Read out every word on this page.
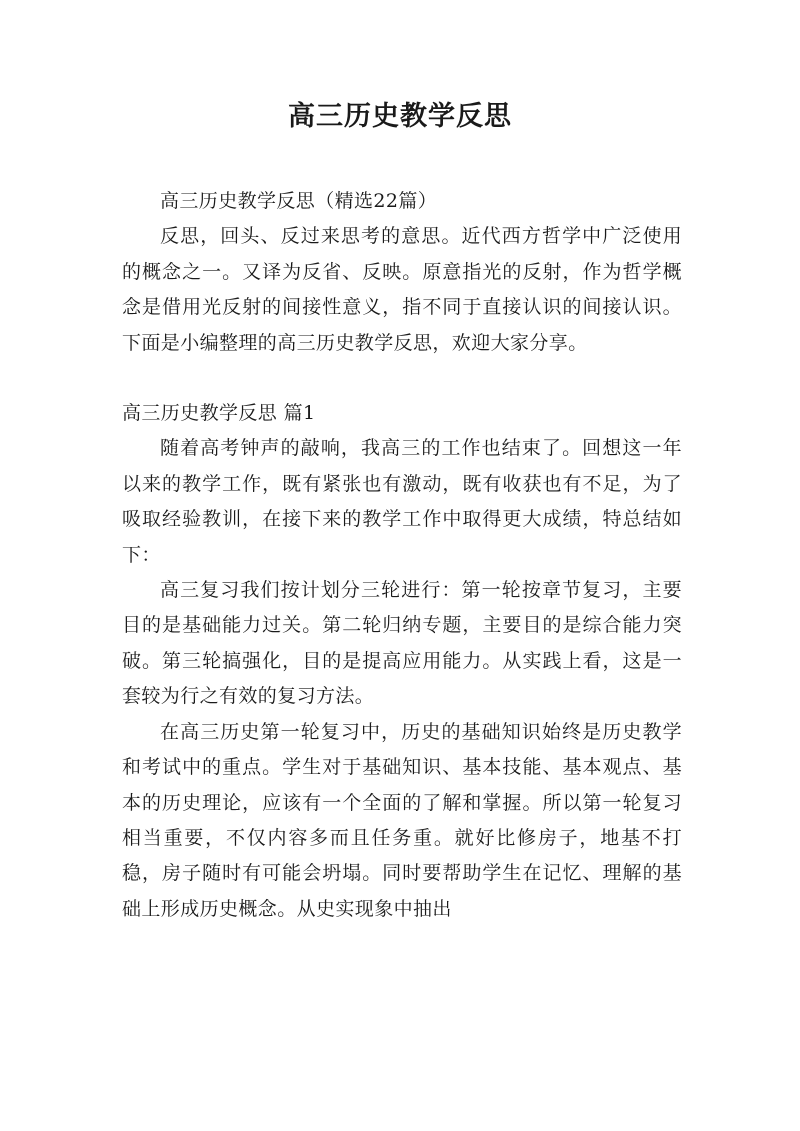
高三历史教学反思

高三历史教学反思（精选22篇）

反思，回头、反过来思考的意思。近代西方哲学中广泛使用的概念之一。又译为反省、反映。原意指光的反射，作为哲学概念是借用光反射的间接性意义，指不同于直接认识的间接认识。下面是小编整理的高三历史教学反思，欢迎大家分享。

高三历史教学反思 篇1

随着高考钟声的敲响，我高三的工作也结束了。回想这一年以来的教学工作，既有紧张也有激动，既有收获也有不足，为了吸取经验教训，在接下来的教学工作中取得更大成绩，特总结如下：

高三复习我们按计划分三轮进行：第一轮按章节复习，主要目的是基础能力过关。第二轮归纳专题，主要目的是综合能力突破。第三轮搞强化，目的是提高应用能力。从实践上看，这是一套较为行之有效的复习方法。

在高三历史第一轮复习中，历史的基础知识始终是历史教学和考试中的重点。学生对于基础知识、基本技能、基本观点、基本的历史理论，应该有一个全面的了解和掌握。所以第一轮复习相当重要，不仅内容多而且任务重。就好比修房子，地基不打稳，房子随时有可能会坍塌。同时要帮助学生在记忆、理解的基础上形成历史概念。从史实现象中抽出
